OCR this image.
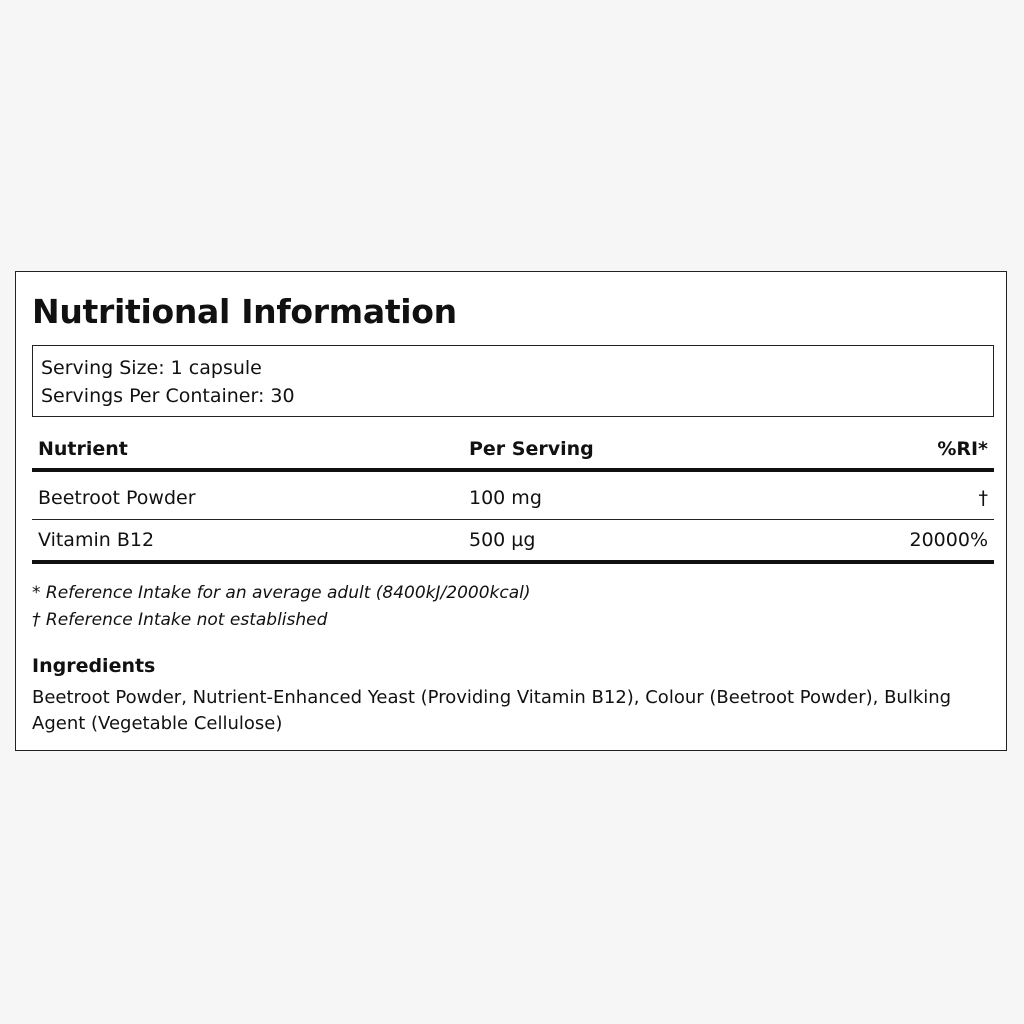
Nutritional Information
Serving Size: 1 capsule
Servings Per Container: 30
Nutrient	Per Serving	%RI*
Beetroot Powder	100 mg	†
Vitamin B12	500 µg	20000%
* Reference Intake for an average adult (8400kJ/2000kcal)
† Reference Intake not established
Ingredients

Beetroot Powder, Nutrient-Enhanced Yeast (Providing Vitamin B12), Colour (Beetroot Powder), Bulking Agent (Vegetable Cellulose)
